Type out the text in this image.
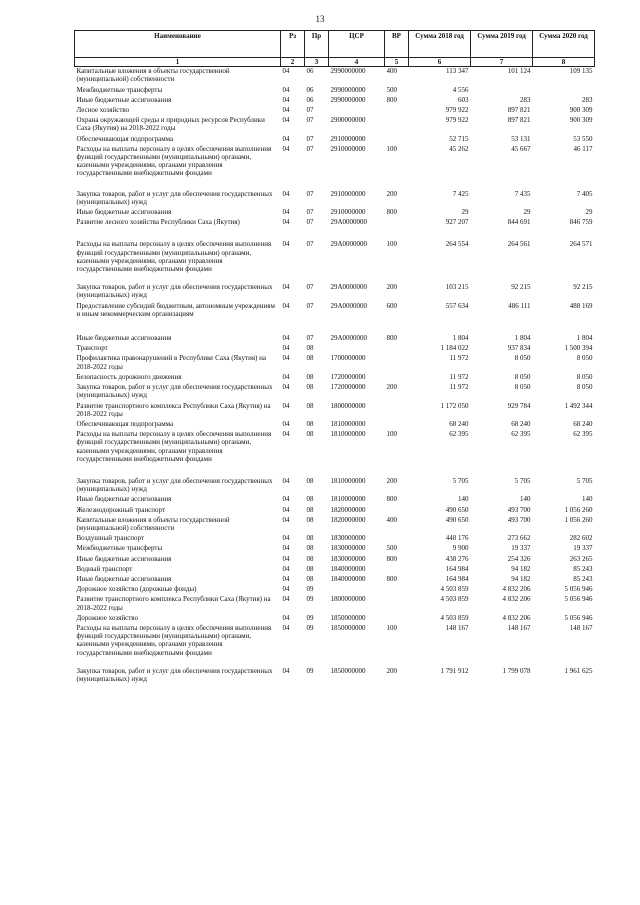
13
Наименование	Рз	Пр	ЦСР	ВР	Сумма 2018 год	Сумма 2019 год	Сумма 2020 год
1	2	3	4	5	6	7	8
Капитальные вложения в объекты государственной (муниципальной) собственности	04	06	2990000000	400	113 347	101 124	109 135
Межбюджетные трансферты	04	06	2990000000	500	4 556		
Иные бюджетные ассигнования	04	06	2990000000	800	603	283	283
Лесное хозяйство	04	07			979 922	897 821	900 309
Охрана окружающей среды и природных ресурсов Республики Саха (Якутия) на 2018-2022 годы	04	07	2900000000		979 922	897 821	900 309
Обеспечивающая подпрограмма	04	07	2910000000		52 715	53 131	53 550
Расходы на выплаты персоналу в целях обеспечения выполнения функций государственными (муниципальными) органами, казенными учреждениями, органами управления государственными внебюджетными фондами	04	07	2910000000	100	45 262	45 667	46 117
Закупка товаров, работ и услуг для обеспечения государственных (муниципальных) нужд	04	07	2910000000	200	7 425	7 435	7 405
Иные бюджетные ассигнования	04	07	2910000000	800	29	29	29
Развитие лесного хозяйства Республики Саха (Якутия)	04	07	29А0000000		927 207	844 691	846 759
Расходы на выплаты персоналу в целях обеспечения выполнения функций государственными (муниципальными) органами, казенными учреждениями, органами управления государственными внебюджетными фондами	04	07	29А0000000	100	264 554	264 561	264 571
Закупка товаров, работ и услуг для обеспечения государственных (муниципальных) нужд	04	07	29А0000000	200	103 215	92 215	92 215
Предоставление субсидий бюджетным, автономным учреждениям и иным некоммерческим организациям	04	07	29А0000000	600	557 634	486 111	488 169
Иные бюджетные ассигнования	04	07	29А0000000	800	1 804	1 804	1 804
Транспорт	04	08			1 184 022	937 834	1 500 394
Профилактика правонарушений в Республике Саха (Якутия) на 2018-2022 годы	04	08	1700000000		11 972	8 050	8 050
Безопасность дорожного движения	04	08	1720000000		11 972	8 050	8 050
Закупка товаров, работ и услуг для обеспечения государственных (муниципальных) нужд	04	08	1720000000	200	11 972	8 050	8 050
Развитие транспортного комплекса Республики Саха (Якутия) на 2018-2022 годы	04	08	1800000000		1 172 050	929 784	1 492 344
Обеспечивающая подпрограмма	04	08	1810000000		68 240	68 240	68 240
Расходы на выплаты персоналу в целях обеспечения выполнения функций государственными (муниципальными) органами, казенными учреждениями, органами управления государственными внебюджетными фондами	04	08	1810000000	100	62 395	62 395	62 395
Закупка товаров, работ и услуг для обеспечения государственных (муниципальных) нужд	04	08	1810000000	200	5 705	5 705	5 705
Иные бюджетные ассигнования	04	08	1810000000	800	140	140	140
Железнодорожный транспорт	04	08	1820000000		490 650	493 700	1 056 260
Капитальные вложения в объекты государственной (муниципальной) собственности	04	08	1820000000	400	490 650	493 700	1 056 260
Воздушный транспорт	04	08	1830000000		448 176	273 662	282 602
Межбюджетные трансферты	04	08	1830000000	500	9 900	19 337	19 337
Иные бюджетные ассигнования	04	08	1830000000	800	438 276	254 326	263 265
Водный транспорт	04	08	1840000000		164 984	94 182	85 243
Иные бюджетные ассигнования	04	08	1840000000	800	164 984	94 182	85 243
Дорожное хозяйство (дорожные фонды)	04	09			4 503 859	4 832 206	5 056 946
Развитие транспортного комплекса Республики Саха (Якутия) на 2018-2022 годы	04	09	1800000000		4 503 859	4 832 206	5 056 946
Дорожное хозяйство	04	09	1850000000		4 503 859	4 832 206	5 056 946
Расходы на выплаты персоналу в целях обеспечения выполнения функций государственными (муниципальными) органами, казенными учреждениями, органами управления государственными внебюджетными фондами	04	09	1850000000	100	148 167	148 167	148 167
Закупка товаров, работ и услуг для обеспечения государственных (муниципальных) нужд	04	09	1850000000	200	1 791 912	1 799 078	1 961 625
